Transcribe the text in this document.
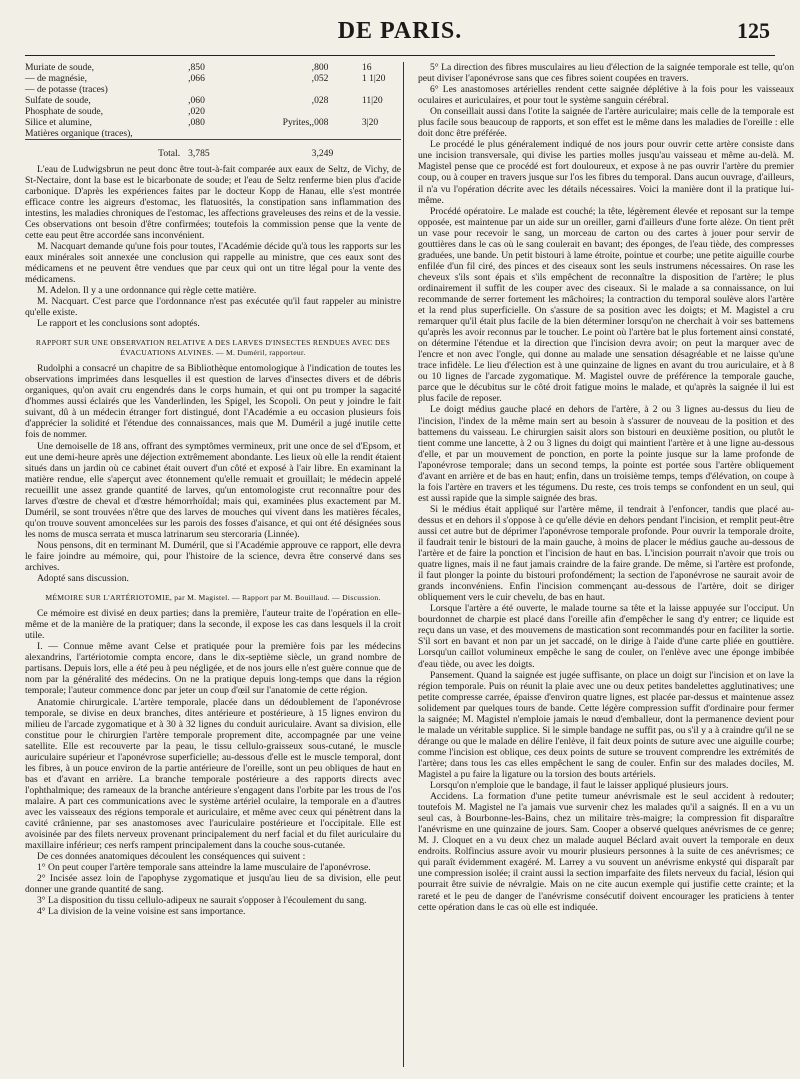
DE PARIS.	125
Muriate de soude,	,850		,800	16
— de magnésie,	,066		,052	1 1|20
— de potasse (traces)				
Sulfate de soude,	,060		,028	11|20
Phosphate de soude,	,020			
Silice et alumine,	,080	Pyrites,	,008	3|20
Matières organique (traces),				

Total.	3,785		3,249	

L'eau de Ludwigsbrun ne peut donc être tout-à-fait comparée aux eaux de Seltz, de Vichy, de St-Nectaire, dont la base est le bicarbonate de soude; et l'eau de Seltz renferme bien plus d'acide carbonique. D'après les expériences faites par le docteur Kopp de Hanau, elle s'est montrée efficace contre les aigreurs d'estomac, les flatuosités, la constipation sans inflammation des intestins, les maladies chroniques de l'estomac, les affections graveleuses des reins et de la vessie. Ces observations ont besoin d'être confirmées; toutefois la commission pense que la vente de cette eau peut être accordée sans inconvénient.

M. Nacquart demande qu'une fois pour toutes, l'Académie décide qu'à tous les rapports sur les eaux minérales soit annexée une conclusion qui rappelle au ministre, que ces eaux sont des médicamens et ne peuvent être vendues que par ceux qui ont un titre légal pour la vente des médicamens.

M. Adelon. Il y a une ordonnance qui règle cette matière.

M. Nacquart. C'est parce que l'ordonnance n'est pas exécutée qu'il faut rappeler au ministre qu'elle existe.

Le rapport et les conclusions sont adoptés.

RAPPORT SUR UNE OBSERVATION RELATIVE A DES LARVES D'INSECTES RENDUES AVEC DES ÉVACUATIONS ALVINES. — M. Duméril, rapporteur.

Rudolphi a consacré un chapitre de sa Bibliothèque entomologique à l'indication de toutes les observations imprimées dans lesquelles il est question de larves d'insectes divers et de débris organiques, qu'on avait cru engendrés dans le corps humain, et qui ont pu tromper la sagacité d'hommes aussi éclairés que les Vanderlinden, les Spigel, les Scopoli. On peut y joindre le fait suivant, dû à un médecin étranger fort distingué, dont l'Académie a eu occasion plusieurs fois d'apprécier la solidité et l'étendue des connaissances, mais que M. Duméril a jugé inutile cette fois de nommer.

Une demoiselle de 18 ans, offrant des symptômes vermineux, prit une once de sel d'Epsom, et eut une demi-heure après une déjection extrêmement abondante. Les lieux où elle la rendit étaient situés dans un jardin où ce cabinet était ouvert d'un côté et exposé à l'air libre. En examinant la matière rendue, elle s'aperçut avec étonnement qu'elle remuait et grouillait; le médecin appelé recueillit une assez grande quantité de larves, qu'un entomologiste crut reconnaître pour des larves d'œstre de cheval et d'œstre hémorrhoïdal; mais qui, examinées plus exactement par M. Duméril, se sont trouvées n'être que des larves de mouches qui vivent dans les matières fécales, qu'on trouve souvent amoncelées sur les parois des fosses d'aisance, et qui ont été désignées sous les noms de musca serrata et musca latrinarum seu stercoraria (Linnée).

Nous pensons, dit en terminant M. Duméril, que si l'Académie approuve ce rapport, elle devra le faire joindre au mémoire, qui, pour l'histoire de la science, devra être conservé dans ses archives.

Adopté sans discussion.

MÉMOIRE SUR L'ARTÉRIOTOMIE, par M. Magistel. — Rapport par M. Bouillaud. — Discussion.

Ce mémoire est divisé en deux parties; dans la première, l'auteur traite de l'opération en elle-même et de la manière de la pratiquer; dans la seconde, il expose les cas dans lesquels il la croit utile.

I. — Connue même avant Celse et pratiquée pour la première fois par les médecins alexandrins, l'artériotomie compta encore, dans le dix-septième siècle, un grand nombre de partisans. Depuis lors, elle a été peu à peu négligée, et de nos jours elle n'est guère connue que de nom par la généralité des médecins. On ne la pratique depuis long-temps que dans la région temporale; l'auteur commence donc par jeter un coup d'œil sur l'anatomie de cette région.

Anatomie chirurgicale. L'artère temporale, placée dans un dédoublement de l'aponévrose temporale, se divise en deux branches, dites antérieure et postérieure, à 15 lignes environ du milieu de l'arcade zygomatique et à 30 à 32 lignes du conduit auriculaire. Avant sa division, elle constitue pour le chirurgien l'artère temporale proprement dite, accompagnée par une veine satellite. Elle est recouverte par la peau, le tissu cellulo-graisseux sous-cutané, le muscle auriculaire supérieur et l'aponévrose superficielle; au-dessous d'elle est le muscle temporal, dont les fibres, à un pouce environ de la partie antérieure de l'oreille, sont un peu obliques de haut en bas et d'avant en arrière. La branche temporale postérieure a des rapports directs avec l'ophthalmique; des rameaux de la branche antérieure s'engagent dans l'orbite par les trous de l'os malaire. A part ces communications avec le système artériel oculaire, la temporale en a d'autres avec les vaisseaux des régions temporale et auriculaire, et même avec ceux qui pénètrent dans la cavité crânienne, par ses anastomoses avec l'auriculaire postérieure et l'occipitale. Elle est avoisinée par des filets nerveux provenant principalement du nerf facial et du filet auriculaire du maxillaire inférieur; ces nerfs rampent principalement dans la couche sous-cutanée.

De ces données anatomiques découlent les conséquences qui suivent :

1° On peut couper l'artère temporale sans atteindre la lame musculaire de l'aponévrose.

2° Incisée assez loin de l'apophyse zygomatique et jusqu'au lieu de sa division, elle peut donner une grande quantité de sang.

3° La disposition du tissu cellulo-adipeux ne saurait s'opposer à l'écoulement du sang.

4° La division de la veine voisine est sans importance.

5° La direction des fibres musculaires au lieu d'élection de la saignée temporale est telle, qu'on peut diviser l'aponévrose sans que ces fibres soient coupées en travers.

6° Les anastomoses artérielles rendent cette saignée déplétive à la fois pour les vaisseaux oculaires et auriculaires, et pour tout le système sanguin cérébral.

On conseillait aussi dans l'otite la saignée de l'artère auriculaire; mais celle de la temporale est plus facile sous beaucoup de rapports, et son effet est le même dans les maladies de l'oreille : elle doit donc être préférée.

Le procédé le plus généralement indiqué de nos jours pour ouvrir cette artère consiste dans une incision transversale, qui divise les parties molles jusqu'au vaisseau et même au-delà. M. Magistel pense que ce procédé est fort douloureux, et expose à ne pas ouvrir l'artère du premier coup, ou à couper en travers jusque sur l'os les fibres du temporal. Dans aucun ouvrage, d'ailleurs, il n'a vu l'opération décrite avec les détails nécessaires. Voici la manière dont il la pratique lui-même.

Procédé opératoire. Le malade est couché; la tête, légèrement élevée et reposant sur la tempe opposée, est maintenue par un aide sur un oreiller, garni d'ailleurs d'une forte alèze. On tient prêt un vase pour recevoir le sang, un morceau de carton ou des cartes à jouer pour servir de gouttières dans le cas où le sang coulerait en bavant; des éponges, de l'eau tiède, des compresses graduées, une bande. Un petit bistouri à lame étroite, pointue et courbe; une petite aiguille courbe enfilée d'un fil ciré, des pinces et des ciseaux sont les seuls instrumens nécessaires. On rase les cheveux s'ils sont épais et s'ils empêchent de reconnaître la disposition de l'artère; le plus ordinairement il suffit de les couper avec des ciseaux. Si le malade a sa connaissance, on lui recommande de serrer fortement les mâchoires; la contraction du temporal soulève alors l'artère et la rend plus superficielle. On s'assure de sa position avec les doigts; et M. Magistel a cru remarquer qu'il était plus facile de la bien déterminer lorsqu'on ne cherchait à voir ses battemens qu'après les avoir reconnus par le toucher. Le point où l'artère bat le plus fortement ainsi constaté, on détermine l'étendue et la direction que l'incision devra avoir; on peut la marquer avec de l'encre et non avec l'ongle, qui donne au malade une sensation désagréable et ne laisse qu'une trace infidèle. Le lieu d'élection est à une quinzaine de lignes en avant du trou auriculaire, et à 8 ou 10 lignes de l'arcade zygomatique. M. Magistel ouvre de préférence la temporale gauche, parce que le décubitus sur le côté droit fatigue moins le malade, et qu'après la saignée il lui est plus facile de reposer.

Le doigt médius gauche placé en dehors de l'artère, à 2 ou 3 lignes au-dessus du lieu de l'incision, l'index de la même main sert au besoin à s'assurer de nouveau de la position et des battemens du vaisseau. Le chirurgien saisit alors son bistouri en deuxième position, ou plutôt le tient comme une lancette, à 2 ou 3 lignes du doigt qui maintient l'artère et à une ligne au-dessous d'elle, et par un mouvement de ponction, en porte la pointe jusque sur la lame profonde de l'aponévrose temporale; dans un second temps, la pointe est portée sous l'artère obliquement d'avant en arrière et de bas en haut; enfin, dans un troisième temps, temps d'élévation, on coupe à la fois l'artère en travers et les tégumens. Du reste, ces trois temps se confondent en un seul, qui est aussi rapide que la simple saignée des bras.

Si le médius était appliqué sur l'artère même, il tendrait à l'enfoncer, tandis que placé au-dessus et en dehors il s'oppose à ce qu'elle dévie en dehors pendant l'incision, et remplit peut-être aussi cet autre but de déprimer l'aponévrose temporale profonde. Pour ouvrir la temporale droite, il faudrait tenir le bistouri de la main gauche, à moins de placer le médius gauche au-dessous de l'artère et de faire la ponction et l'incision de haut en bas. L'incision pourrait n'avoir que trois ou quatre lignes, mais il ne faut jamais craindre de la faire grande. De même, si l'artère est profonde, il faut plonger la pointe du bistouri profondément; la section de l'aponévrose ne saurait avoir de grands inconvéniens. Enfin l'incision commençant au-dessous de l'artère, doit se diriger obliquement vers le cuir chevelu, de bas en haut.

Lorsque l'artère a été ouverte, le malade tourne sa tête et la laisse appuyée sur l'occiput. Un bourdonnet de charpie est placé dans l'oreille afin d'empêcher le sang d'y entrer; ce liquide est reçu dans un vase, et des mouvemens de mastication sont recommandés pour en faciliter la sortie. S'il sort en bavant et non par un jet saccadé, on le dirige à l'aide d'une carte pliée en gouttière. Lorsqu'un caillot volumineux empêche le sang de couler, on l'enlève avec une éponge imbibée d'eau tiède, ou avec les doigts.

Pansement. Quand la saignée est jugée suffisante, on place un doigt sur l'incision et on lave la région temporale. Puis on réunit la plaie avec une ou deux petites bandelettes agglutinatives; une petite compresse carrée, épaisse d'environ quatre lignes, est placée par-dessus et maintenue assez solidement par quelques tours de bande. Cette légère compression suffit d'ordinaire pour fermer la saignée; M. Magistel n'emploie jamais le nœud d'emballeur, dont la permanence devient pour le malade un véritable supplice. Si le simple bandage ne suffit pas, ou s'il y a à craindre qu'il ne se dérange ou que le malade en délire l'enlève, il fait deux points de suture avec une aiguille courbe; comme l'incision est oblique, ces deux points de suture se trouvent comprendre les extrémités de l'artère; dans tous les cas elles empêchent le sang de couler. Enfin sur des malades dociles, M. Magistel a pu faire la ligature ou la torsion des bouts artériels.

Lorsqu'on n'emploie que le bandage, il faut le laisser appliqué plusieurs jours.

Accidens. La formation d'une petite tumeur anévrismale est le seul accident à redouter; toutefois M. Magistel ne l'a jamais vue survenir chez les malades qu'il a saignés. Il en a vu un seul cas, à Bourbonne-les-Bains, chez un militaire très-maigre; la compression fit disparaître l'anévrisme en une quinzaine de jours. Sam. Cooper a observé quelques anévrismes de ce genre; M. J. Cloquet en a vu deux chez un malade auquel Béclard avait ouvert la temporale en deux endroits. Rolfincius assure avoir vu mourir plusieurs personnes à la suite de ces anévrismes; ce qui paraît évidemment exagéré. M. Larrey a vu souvent un anévrisme enkysté qui disparaît par une compression isolée; il craint aussi la section imparfaite des filets nerveux du facial, lésion qui pourrait être suivie de névralgie. Mais on ne cite aucun exemple qui justifie cette crainte; et la rareté et le peu de danger de l'anévrisme consécutif doivent encourager les praticiens à tenter cette opération dans le cas où elle est indiquée.
